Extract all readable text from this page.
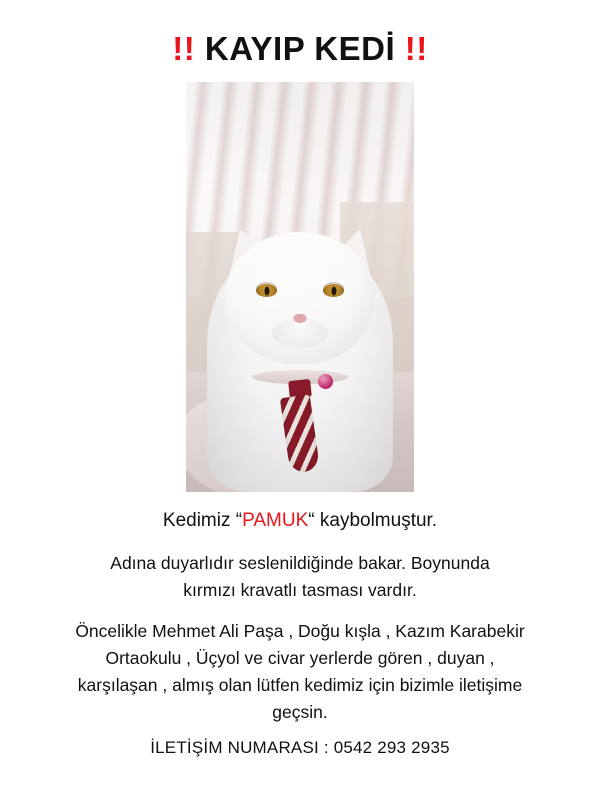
!! KAYIP KEDİ !!

Kedimiz “PAMUK“ kaybolmuştur.

Adına duyarlıdır seslenildiğinde bakar. Boynunda kırmızı kravatlı tasması vardır.

Öncelikle Mehmet Ali Paşa , Doğu kışla , Kazım Karabekir Ortaokulu , Üçyol ve civar yerlerde gören , duyan , karşılaşan , almış olan lütfen kedimiz için bizimle iletişime geçsin.

İLETİŞİM NUMARASI : 0542 293 2935
